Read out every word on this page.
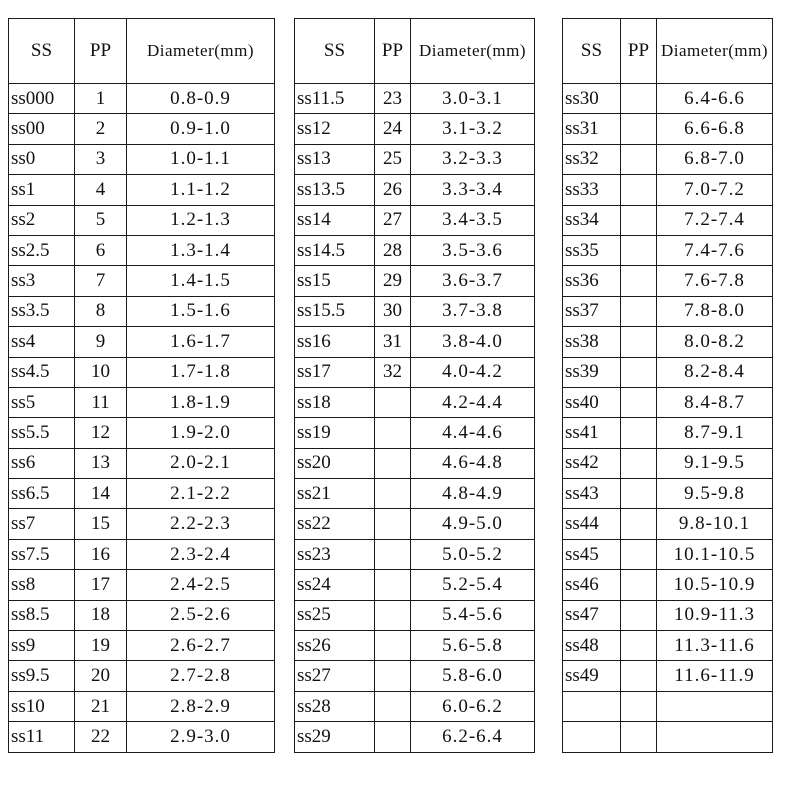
SS	PP	Diameter(mm)		SS	PP	Diameter(mm)		SS	PP	Diameter(mm)
ss000	1	0.8-0.9		ss11.5	23	3.0-3.1		ss30		6.4-6.6
ss00	2	0.9-1.0		ss12	24	3.1-3.2		ss31		6.6-6.8
ss0	3	1.0-1.1		ss13	25	3.2-3.3		ss32		6.8-7.0
ss1	4	1.1-1.2		ss13.5	26	3.3-3.4		ss33		7.0-7.2
ss2	5	1.2-1.3		ss14	27	3.4-3.5		ss34		7.2-7.4
ss2.5	6	1.3-1.4		ss14.5	28	3.5-3.6		ss35		7.4-7.6
ss3	7	1.4-1.5		ss15	29	3.6-3.7		ss36		7.6-7.8
ss3.5	8	1.5-1.6		ss15.5	30	3.7-3.8		ss37		7.8-8.0
ss4	9	1.6-1.7		ss16	31	3.8-4.0		ss38		8.0-8.2
ss4.5	10	1.7-1.8		ss17	32	4.0-4.2		ss39		8.2-8.4
ss5	11	1.8-1.9		ss18		4.2-4.4		ss40		8.4-8.7
ss5.5	12	1.9-2.0		ss19		4.4-4.6		ss41		8.7-9.1
ss6	13	2.0-2.1		ss20		4.6-4.8		ss42		9.1-9.5
ss6.5	14	2.1-2.2		ss21		4.8-4.9		ss43		9.5-9.8
ss7	15	2.2-2.3		ss22		4.9-5.0		ss44		9.8-10.1
ss7.5	16	2.3-2.4		ss23		5.0-5.2		ss45		10.1-10.5
ss8	17	2.4-2.5		ss24		5.2-5.4		ss46		10.5-10.9
ss8.5	18	2.5-2.6		ss25		5.4-5.6		ss47		10.9-11.3
ss9	19	2.6-2.7		ss26		5.6-5.8		ss48		11.3-11.6
ss9.5	20	2.7-2.8		ss27		5.8-6.0		ss49		11.6-11.9
ss10	21	2.8-2.9		ss28		6.0-6.2				
ss11	22	2.9-3.0		ss29		6.2-6.4				
